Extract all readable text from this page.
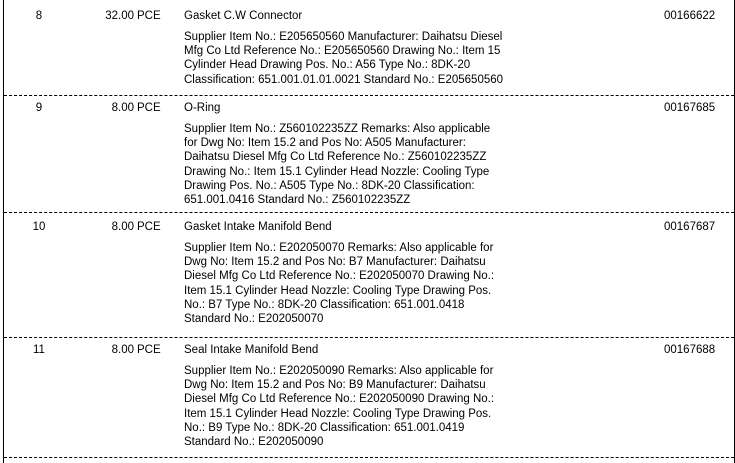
8	32.00 PCE	Gasket C.W Connector	00166622
Supplier Item No.: E205650560 Manufacturer: Daihatsu Diesel
Mfg Co Ltd Reference No.: E205650560 Drawing No.: Item 15
Cylinder Head Drawing Pos. No.: A56 Type No.: 8DK-20
Classification: 651.001.01.01.0021 Standard No.: E205650560
9	8.00 PCE	O-Ring	00167685
Supplier Item No.: Z560102235ZZ Remarks: Also applicable
for Dwg No: Item 15.2 and Pos No: A505 Manufacturer:
Daihatsu Diesel Mfg Co Ltd Reference No.: Z560102235ZZ
Drawing No.: Item 15.1 Cylinder Head Nozzle: Cooling Type
Drawing Pos. No.: A505 Type No.: 8DK-20 Classification:
651.001.0416 Standard No.: Z560102235ZZ
10	8.00 PCE	Gasket Intake Manifold Bend	00167687
Supplier Item No.: E202050070 Remarks: Also applicable for
Dwg No: Item 15.2 and Pos No: B7 Manufacturer: Daihatsu
Diesel Mfg Co Ltd Reference No.: E202050070 Drawing No.:
Item 15.1 Cylinder Head Nozzle: Cooling Type Drawing Pos.
No.: B7 Type No.: 8DK-20 Classification: 651.001.0418
Standard No.: E202050070
11	8.00 PCE	Seal Intake Manifold Bend	00167688
Supplier Item No.: E202050090 Remarks: Also applicable for
Dwg No: Item 15.2 and Pos No: B9 Manufacturer: Daihatsu
Diesel Mfg Co Ltd Reference No.: E202050090 Drawing No.:
Item 15.1 Cylinder Head Nozzle: Cooling Type Drawing Pos.
No.: B9 Type No.: 8DK-20 Classification: 651.001.0419
Standard No.: E202050090
